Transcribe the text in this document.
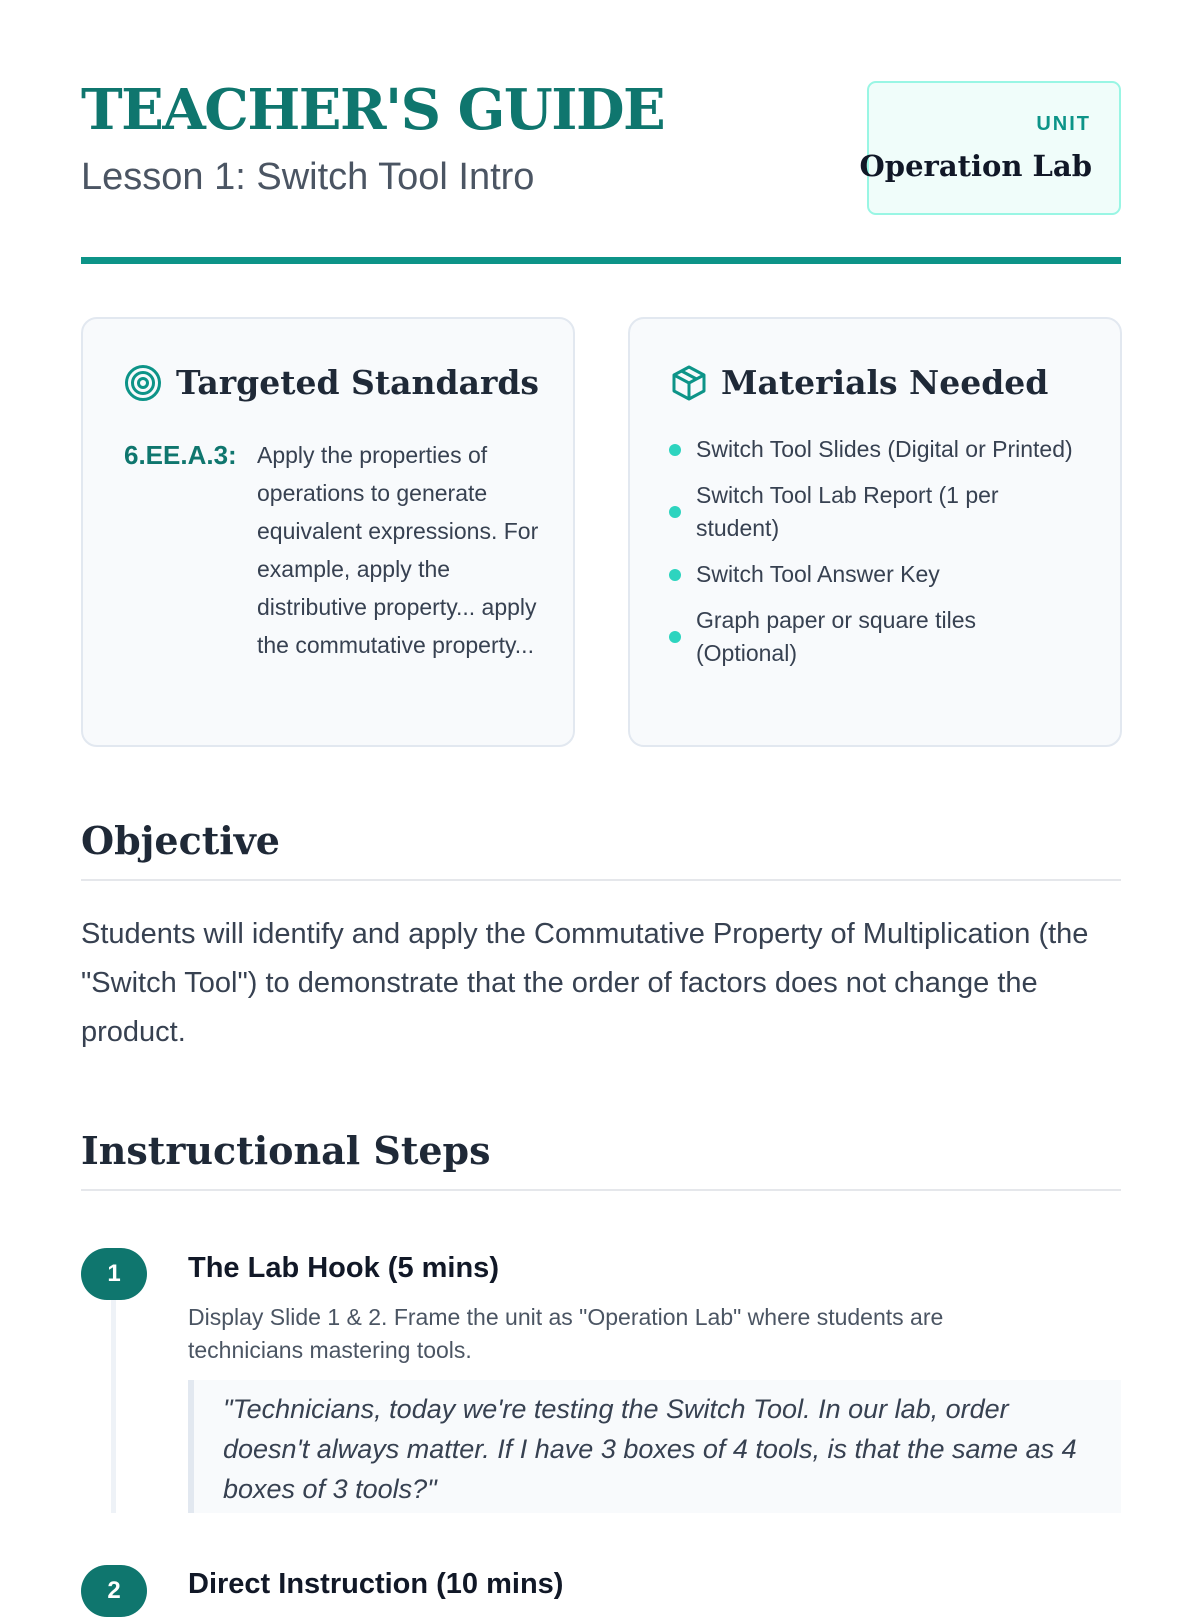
TEACHER'S GUIDE
Lesson 1: Switch Tool Intro
UNIT
Operation Lab
Targeted Standards
6.EE.A.3: Apply the properties of operations to generate equivalent expressions. For example, apply the distributive property... apply the commutative property...

Materials Needed
Switch Tool Slides (Digital or Printed)
Switch Tool Lab Report (1 per student)
Switch Tool Answer Key
Graph paper or square tiles (Optional)
Objective

Students will identify and apply the Commutative Property of Multiplication (the "Switch Tool") to demonstrate that the order of factors does not change the product.

Instructional Steps
1	The Lab Hook (5 mins)

Display Slide 1 & 2. Frame the unit as "Operation Lab" where students are technicians mastering tools.

"Technicians, today we're testing the Switch Tool. In our lab, order
doesn't always matter. If I have 3 boxes of 4 tools, is that the same as 4
boxes of 3 tools?"

2	Direct Instruction (10 mins)
